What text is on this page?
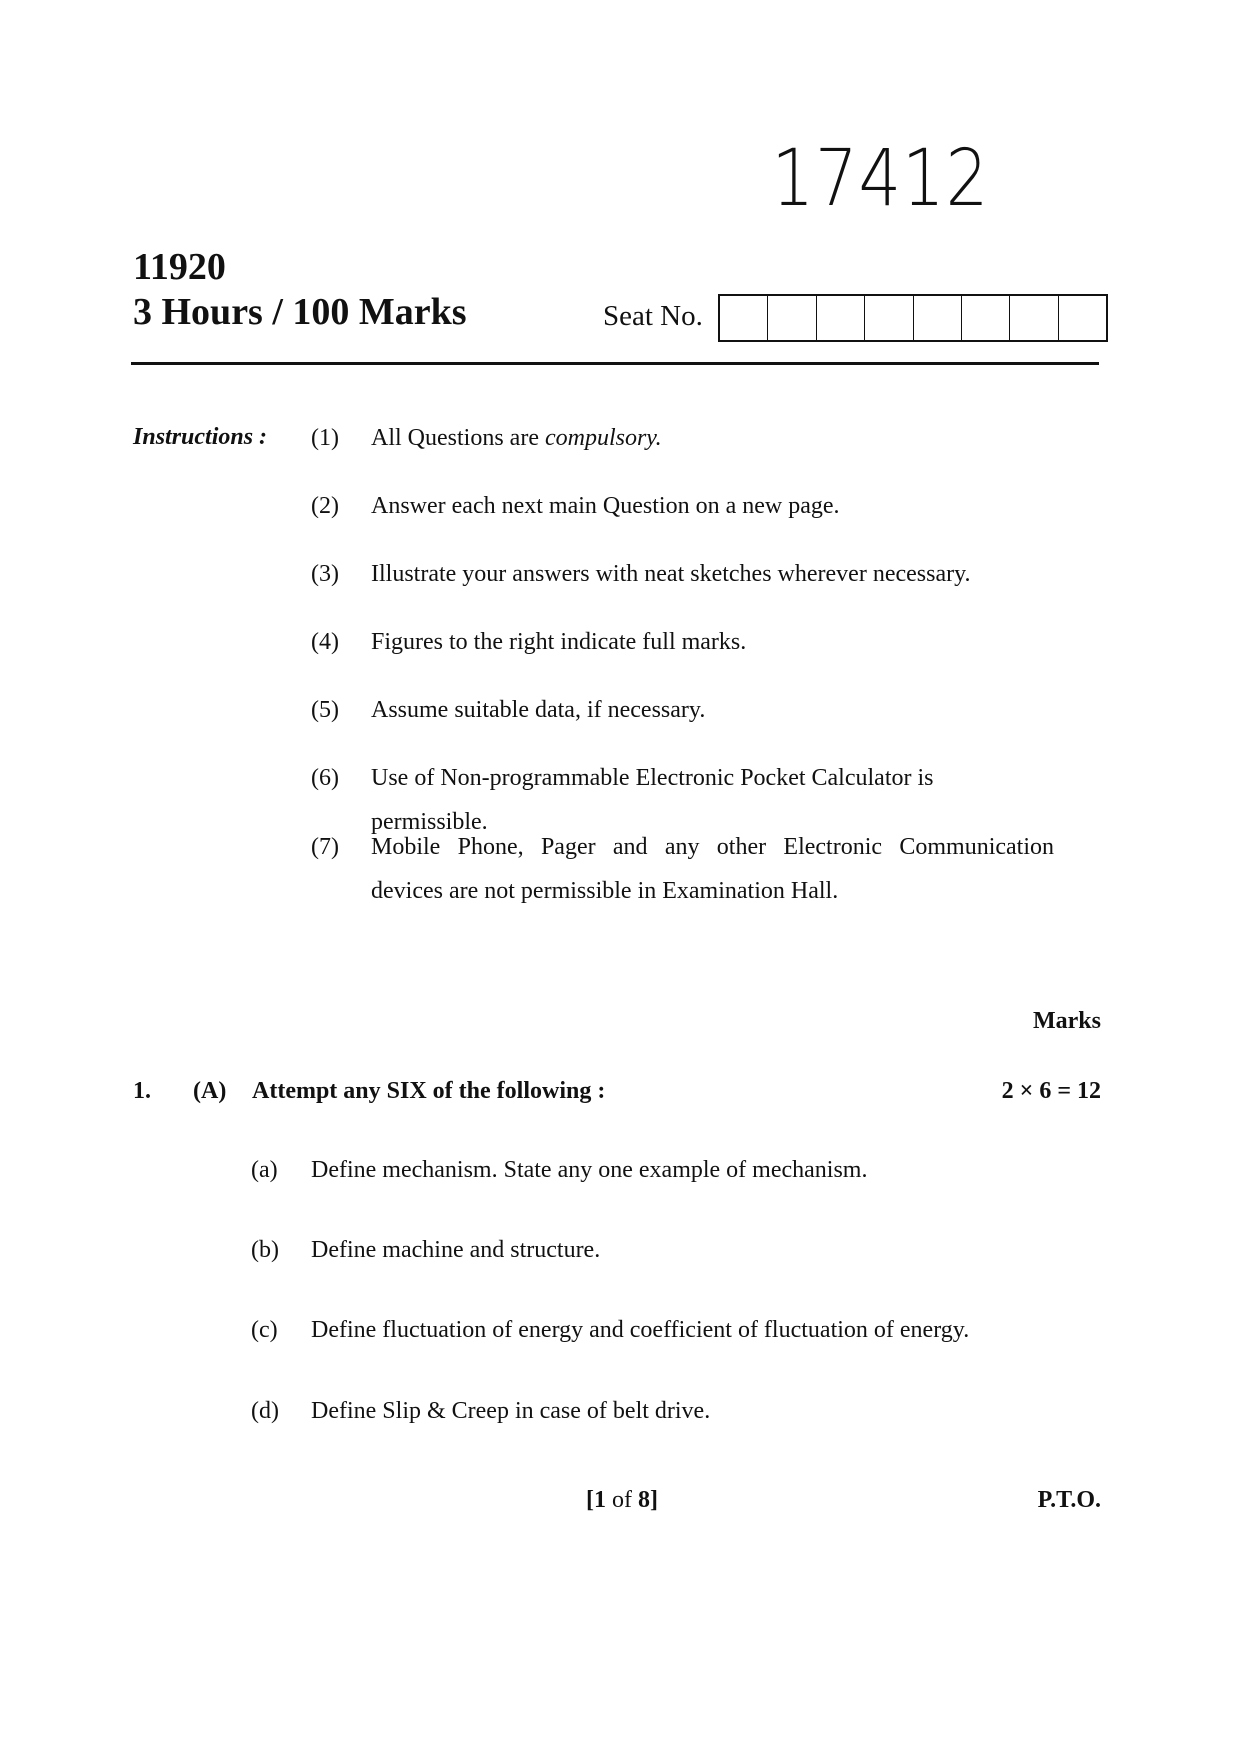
17412
11920
3 Hours / 100 Marks	Seat No.
Instructions : (1) All Questions are compulsory.
(2) Answer each next main Question on a new page.
(3) Illustrate your answers with neat sketches wherever necessary.
(4) Figures to the right indicate full marks.
(5) Assume suitable data, if necessary.
(6) Use of Non-programmable Electronic Pocket Calculator is permissible.
(7) Mobile Phone, Pager and any other Electronic Communication
devices are not permissible in Examination Hall.
Marks
1. (A) Attempt any SIX of the following :	2 × 6 = 12
(a) Define mechanism. State any one example of mechanism.
(b) Define machine and structure.
(c) Define fluctuation of energy and coefficient of fluctuation of energy.
(d) Define Slip & Creep in case of belt drive.
[1 of 8]	P.T.O.
